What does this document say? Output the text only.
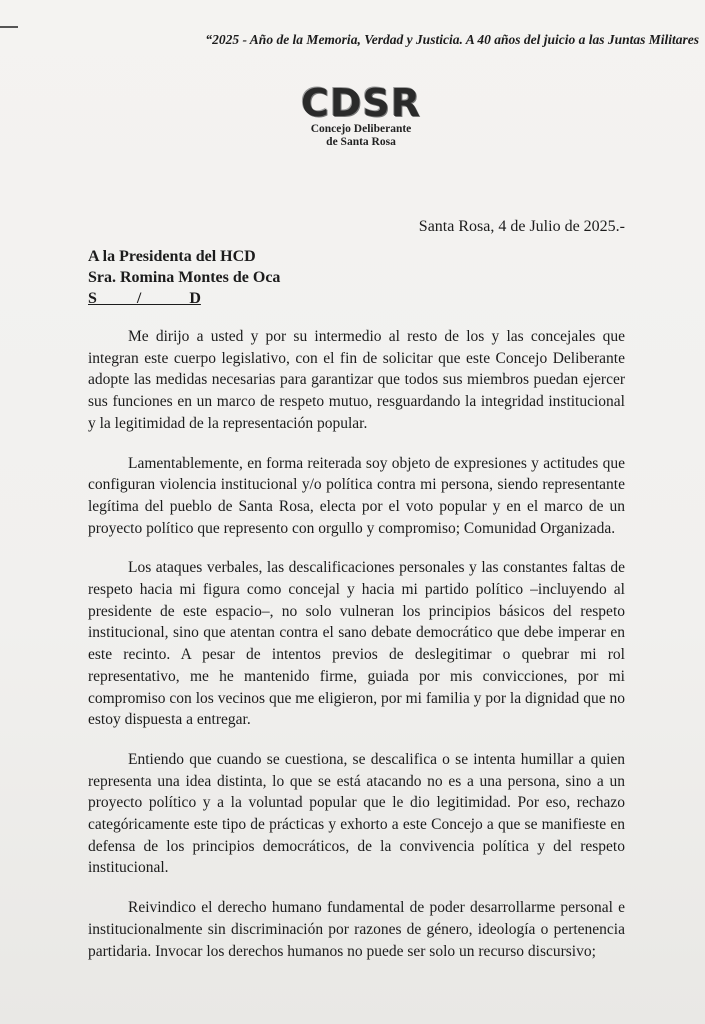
“2025 - Año de la Memoria, Verdad y Justicia. A 40 años del juicio a las Juntas Militares
CDSR
Concejo Deliberante
de Santa Rosa
Santa Rosa, 4 de Julio de 2025.-
A la Presidenta del HCD
Sra. Romina Montes de Oca
S          /            D

Me dirijo a usted y por su intermedio al resto de los y las concejales que integran este cuerpo legislativo, con el fin de solicitar que este Concejo Deliberante adopte las medidas necesarias para garantizar que todos sus miembros puedan ejercer sus funciones en un marco de respeto mutuo, resguardando la integridad institucional y la legitimidad de la representación popular.

Lamentablemente, en forma reiterada soy objeto de expresiones y actitudes que configuran violencia institucional y/o política contra mi persona, siendo representante legítima del pueblo de Santa Rosa, electa por el voto popular y en el marco de un proyecto político que represento con orgullo y compromiso; Comunidad Organizada.

Los ataques verbales, las descalificaciones personales y las constantes faltas de respeto hacia mi figura como concejal y hacia mi partido político –incluyendo al presidente de este espacio–, no solo vulneran los principios básicos del respeto institucional, sino que atentan contra el sano debate democrático que debe imperar en este recinto. A pesar de intentos previos de deslegitimar o quebrar mi rol representativo, me he mantenido firme, guiada por mis convicciones, por mi compromiso con los vecinos que me eligieron, por mi familia y por la dignidad que no estoy dispuesta a entregar.

Entiendo que cuando se cuestiona, se descalifica o se intenta humillar a quien representa una idea distinta, lo que se está atacando no es a una persona, sino a un proyecto político y a la voluntad popular que le dio legitimidad. Por eso, rechazo categóricamente este tipo de prácticas y exhorto a este Concejo a que se manifieste en defensa de los principios democráticos, de la convivencia política y del respeto institucional.

Reivindico el derecho humano fundamental de poder desarrollarme personal e institucionalmente sin discriminación por razones de género, ideología o pertenencia partidaria. Invocar los derechos humanos no puede ser solo un recurso discursivo;
